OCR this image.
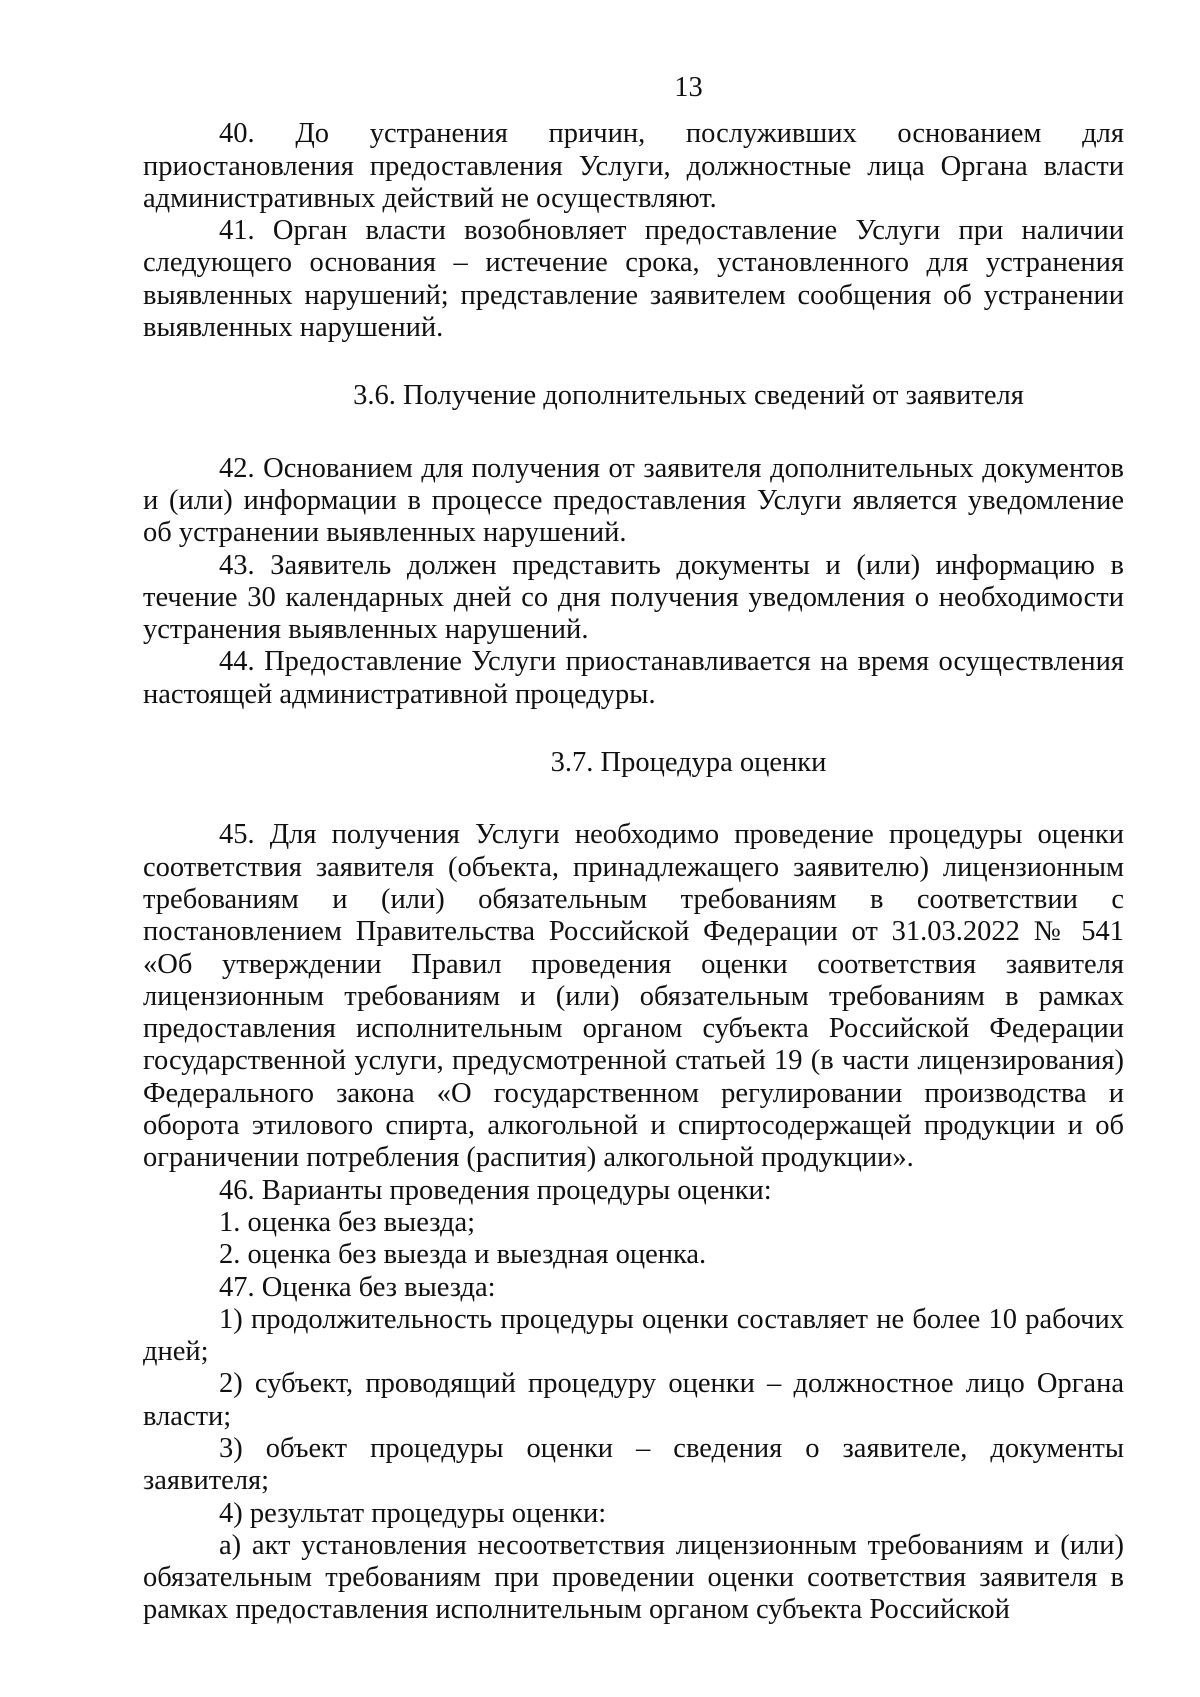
13

40. До устранения причин, послуживших основанием для приостановления предоставления Услуги, должностные лица Органа власти административных действий не осуществляют.

41. Орган власти возобновляет предоставление Услуги при наличии следующего основания – истечение срока, установленного для устранения выявленных нарушений; представление заявителем сообщения об устранении выявленных нарушений.

3.6. Получение дополнительных сведений от заявителя

42. Основанием для получения от заявителя дополнительных документов и (или) информации в процессе предоставления Услуги является уведомление об устранении выявленных нарушений.

43. Заявитель должен представить документы и (или) информацию в течение 30 календарных дней со дня получения уведомления о необходимости устранения выявленных нарушений.

44. Предоставление Услуги приостанавливается на время осуществления настоящей административной процедуры.

3.7. Процедура оценки

45. Для получения Услуги необходимо проведение процедуры оценки соответствия заявителя (объекта, принадлежащего заявителю) лицензионным требованиям и (или) обязательным требованиям в соответствии с постановлением Правительства Российской Федерации от 31.03.2022 № 541 «Об утверждении Правил проведения оценки соответствия заявителя лицензионным требованиям и (или) обязательным требованиям в рамках предоставления исполнительным органом субъекта Российской Федерации государственной услуги, предусмотренной статьей 19 (в части лицензирования) Федерального закона «О государственном регулировании производства и оборота этилового спирта, алкогольной и спиртосодержащей продукции и об ограничении потребления (распития) алкогольной продукции».

46. Варианты проведения процедуры оценки:

1. оценка без выезда;

2. оценка без выезда и выездная оценка.

47. Оценка без выезда:

1) продолжительность процедуры оценки составляет не более 10 рабочих дней;

2) субъект, проводящий процедуру оценки – должностное лицо Органа власти;

3) объект процедуры оценки – сведения о заявителе, документы заявителя;

4) результат процедуры оценки:

а) акт установления несоответствия лицензионным требованиям и (или) обязательным требованиям при проведении оценки соответствия заявителя в рамках предоставления исполнительным органом субъекта Российской
